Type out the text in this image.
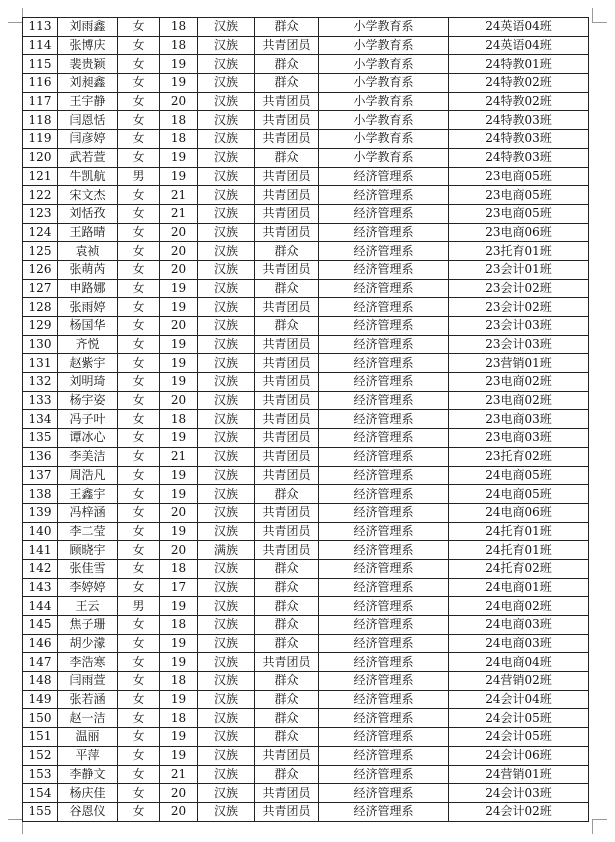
113	刘雨鑫	女	18	汉族	群众	小学教育系	24英语04班
114	张博庆	女	18	汉族	共青团员	小学教育系	24英语04班
115	裴贵颖	女	19	汉族	群众	小学教育系	24特教01班
116	刘昶鑫	女	19	汉族	群众	小学教育系	24特教02班
117	王宇静	女	20	汉族	共青团员	小学教育系	24特教02班
118	闫恩恬	女	18	汉族	共青团员	小学教育系	24特教03班
119	闫彦婷	女	18	汉族	共青团员	小学教育系	24特教03班
120	武若萱	女	19	汉族	群众	小学教育系	24特教03班
121	牛凯航	男	19	汉族	共青团员	经济管理系	23电商05班
122	宋文杰	女	21	汉族	共青团员	经济管理系	23电商05班
123	刘恬孜	女	21	汉族	共青团员	经济管理系	23电商05班
124	王路晴	女	20	汉族	共青团员	经济管理系	23电商06班
125	袁祯	女	20	汉族	群众	经济管理系	23托育01班
126	张萌芮	女	20	汉族	共青团员	经济管理系	23会计01班
127	申路娜	女	19	汉族	群众	经济管理系	23会计02班
128	张雨婷	女	19	汉族	共青团员	经济管理系	23会计02班
129	杨国华	女	20	汉族	群众	经济管理系	23会计03班
130	齐悦	女	19	汉族	共青团员	经济管理系	23会计03班
131	赵紫宇	女	19	汉族	共青团员	经济管理系	23营销01班
132	刘明琦	女	19	汉族	共青团员	经济管理系	23电商02班
133	杨宇姿	女	20	汉族	共青团员	经济管理系	23电商02班
134	冯子叶	女	18	汉族	共青团员	经济管理系	23电商03班
135	谭冰心	女	19	汉族	共青团员	经济管理系	23电商03班
136	李美洁	女	21	汉族	共青团员	经济管理系	23托育02班
137	周浩凡	女	19	汉族	共青团员	经济管理系	24电商05班
138	王鑫宇	女	19	汉族	群众	经济管理系	24电商05班
139	冯梓涵	女	20	汉族	共青团员	经济管理系	24电商06班
140	李二莹	女	19	汉族	共青团员	经济管理系	24托育01班
141	顾晓宇	女	20	满族	共青团员	经济管理系	24托育01班
142	张佳雪	女	18	汉族	群众	经济管理系	24托育02班
143	李婷婷	女	17	汉族	群众	经济管理系	24电商01班
144	王云	男	19	汉族	群众	经济管理系	24电商02班
145	焦子珊	女	18	汉族	群众	经济管理系	24电商03班
146	胡少濛	女	19	汉族	群众	经济管理系	24电商03班
147	李浩寒	女	19	汉族	共青团员	经济管理系	24电商04班
148	闫雨萱	女	18	汉族	群众	经济管理系	24营销02班
149	张若涵	女	19	汉族	群众	经济管理系	24会计04班
150	赵一洁	女	18	汉族	群众	经济管理系	24会计05班
151	温丽	女	19	汉族	群众	经济管理系	24会计05班
152	平萍	女	19	汉族	共青团员	经济管理系	24会计06班
153	李静文	女	21	汉族	群众	经济管理系	24营销01班
154	杨庆佳	女	20	汉族	共青团员	经济管理系	24会计03班
155	谷恩仪	女	20	汉族	共青团员	经济管理系	24会计02班
